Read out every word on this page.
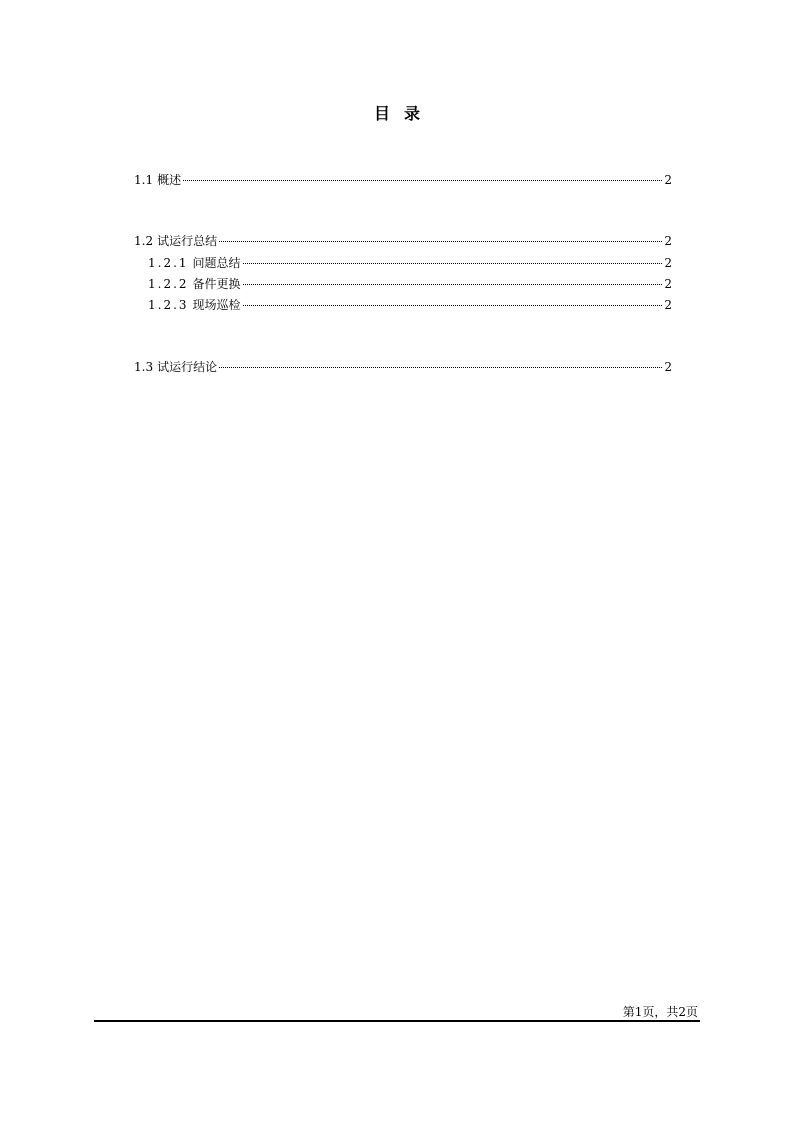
目录
1.1 概述	2
1.2 试运行总结	2
1.2.1 问题总结	2
1.2.2 备件更换	2
1.2.3 现场巡检	2
1.3 试运行结论	2
第1页，共2页
